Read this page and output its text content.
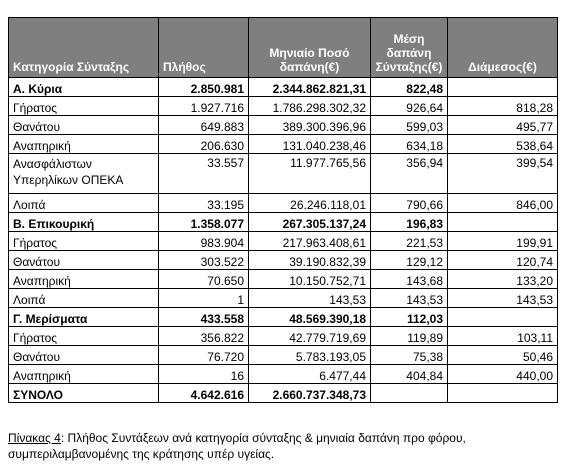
Κατηγορία Σύνταξης	Πλήθος	Μηνιαίο Ποσό δαπάνη(€)	Μέση δαπάνη Σύνταξης(€)	Διάμεσος(€)
Α. Κύρια	2.850.981	2.344.862.821,31	822,48	
Γήρατος	1.927.716	1.786.298.302,32	926,64	818,28
Θανάτου	649.883	389.300.396,96	599,03	495,77
Αναπηρική	206.630	131.040.238,46	634,18	538,64
Ανασφάλιστων Υπερηλίκων ΟΠΕΚΑ	33.557	11.977.765,56	356,94	399,54
Λοιπά	33.195	26.246.118,01	790,66	846,00
Β. Επικουρική	1.358.077	267.305.137,24	196,83	
Γήρατος	983.904	217.963.408,61	221,53	199,91
Θανάτου	303.522	39.190.832,39	129,12	120,74
Αναπηρική	70.650	10.150.752,71	143,68	133,20
Λοιπά	1	143,53	143,53	143,53
Γ. Μερίσματα	433.558	48.569.390,18	112,03	
Γήρατος	356.822	42.779.719,69	119,89	103,11
Θανάτου	76.720	5.783.193,05	75,38	50,46
Αναπηρική	16	6.477,44	404,84	440,00
ΣΥΝΟΛΟ	4.642.616	2.660.737.348,73		
Πίνακας 4: Πλήθος Συντάξεων ανά κατηγορία σύνταξης & μηνιαία δαπάνη προ φόρου, συμπεριλαμβανομένης της κράτησης υπέρ υγείας.
